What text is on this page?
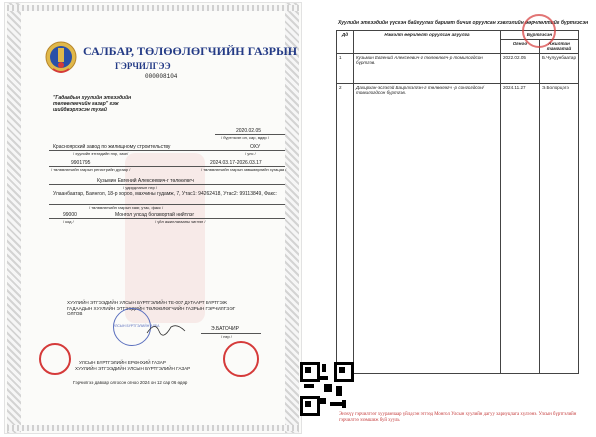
САЛБАР, ТӨЛӨӨЛӨГЧИЙН ГАЗРЫН
ГЭРЧИЛГЭЭ
000008104
"Гадаадын хуулийн этгээдийн төлөөлөгчийн газар" гэж шийдвэрлэсэн тухай
2020.02.05
/ бүртгэсэн он, сар, өдөр /
Красноярский завод по жилищному строительству	ОХУ
/ хуулийн этгээдийн нэр, хаяг/	/ улс /
9901795	2024.03.17-2026.03.17
/ төлөөлөгчийн газрын регистрийн дугаар /	/ төлөөлөгчийн газрын зөвшөөрлийн хугацаа /
Кузьмин Евгений Алексеевич-г төлөөлөгч
/ удирдлагын нэр /
Улаанбаатар, Баянгол, 18-р хороо, махчины гудамж, 7, Утас1: 94262418, Утас2: 99113849, Факс:
/ төлөөлөгчийн газрын хаяг, утас, факс /
99000	Монгол улсад болзвортай нийтлэг
/ код /	/ үйл ажиллагааны чиглэл /
ХУУЛИЙН ЭТГЭЭДИЙН УЛСЫН БҮРТГЭЛИЙН ТЕ-007 ДУГААРТ БҮРТГЭЖ ГАДААДЫН ХУУЛИЙН ЭТГЭЭДИЙН ТӨЛӨӨЛӨГЧИЙН ГАЗРЫН ГЭРЧИЛГЭЭГ ОЛГОВ
УЛСЫН БҮРТГЭЛИЙН АЛБА	Э.БАТОЧИР
/ нэр /
УЛСЫН БҮРТГЭЛИЙН ЕРӨНХИЙ ГАЗАР
ХУУЛИЙН ЭТГЭЭДИЙН УЛСЫН БҮРТГЭЛИЙН ГАЗАР
Гэрчилгээ давхар олгосон огноо 2024 он 12 сар 06 өдөр
Хуулийн этгээдийн үүсгэн байгуулах баримт бичиг оруулсан хэвлэлийн өөрчлөлтийг бүртгэсэн
Дд	Нэмэлт өөрчлөлт оруулсан агуулга	Бүртгэсэн	
		Огноо	Ажилтан тамгатай
1	Кузьмин Евгений Алексеевич-г төлөөлөгч-р томилогдсон бүртгэв.	2022.02.05	Б.Чулуунбаатар
2	Дахирхан-эсгэлэй Баирлхэлгэн-г төлөөлөгч -р сонгогдсон/томилогдсон бүртгэв.	2024.11.27	Э.Болорцэгэ
Энэхүү гэрчилгээг хуурамчаар үйлдсэн этгээд Монгол Улсын хуулийн дагуу хариуцлага хүлээнэ. Улсын бүртгэлийн гэрчилгээ эзэмшиж буй хууль
